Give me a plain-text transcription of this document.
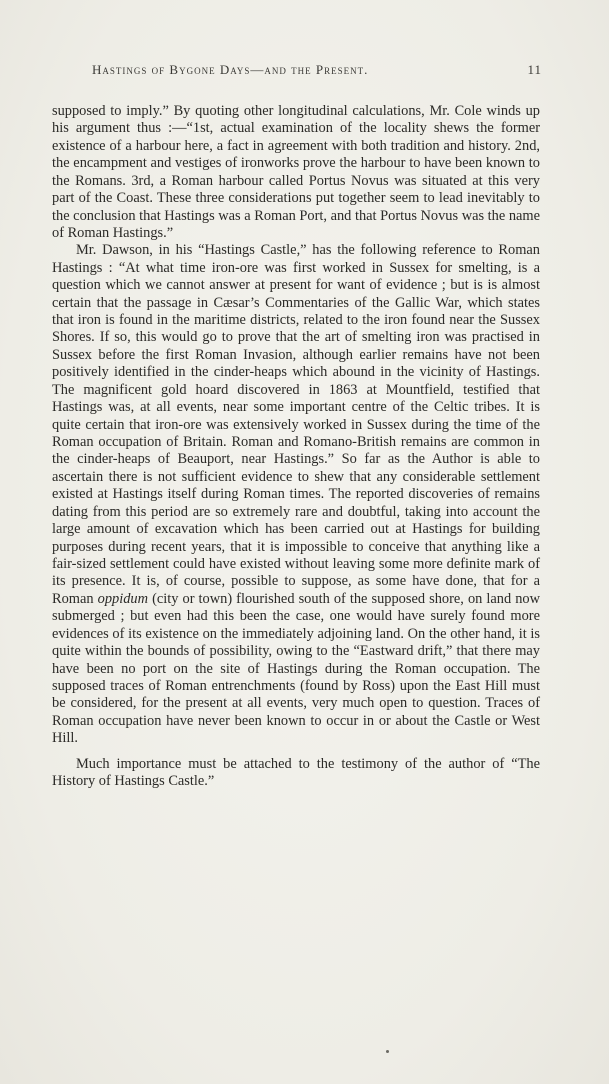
Hastings of Bygone Days—and the Present.	11

supposed to imply.” By quoting other longitudinal calculations, Mr. Cole winds up his argument thus :—“1st, actual examination of the locality shews the former existence of a harbour here, a fact in agreement with both tradition and history. 2nd, the encampment and vestiges of ironworks prove the harbour to have been known to the Romans. 3rd, a Roman harbour called Portus Novus was situated at this very part of the Coast. These three considerations put together seem to lead inevitably to the conclusion that Hastings was a Roman Port, and that Portus Novus was the name of Roman Hastings.”

Mr. Dawson, in his “Hastings Castle,” has the following reference to Roman Hastings : “At what time iron-ore was first worked in Sussex for smelting, is a question which we cannot answer at present for want of evidence ; but is is almost certain that the passage in Cæsar’s Commentaries of the Gallic War, which states that iron is found in the maritime districts, related to the iron found near the Sussex Shores. If so, this would go to prove that the art of smelting iron was practised in Sussex before the first Roman Invasion, although earlier remains have not been positively identified in the cinder-heaps which abound in the vicinity of Hastings. The magnificent gold hoard discovered in 1863 at Mountfield, testified that Hastings was, at all events, near some important centre of the Celtic tribes. It is quite certain that iron-ore was extensively worked in Sussex during the time of the Roman occupation of Britain. Roman and Romano-British remains are common in the cinder-heaps of Beauport, near Hastings.” So far as the Author is able to ascertain there is not sufficient evidence to shew that any considerable settlement existed at Hastings itself during Roman times. The reported discoveries of remains dating from this period are so extremely rare and doubtful, taking into account the large amount of excavation which has been carried out at Hastings for building purposes during recent years, that it is impossible to conceive that anything like a fair-sized settlement could have existed without leaving some more definite mark of its presence. It is, of course, possible to suppose, as some have done, that for a Roman oppidum (city or town) flourished south of the supposed shore, on land now submerged ; but even had this been the case, one would have surely found more evidences of its existence on the immediately adjoining land. On the other hand, it is quite within the bounds of possibility, owing to the “Eastward drift,” that there may have been no port on the site of Hastings during the Roman occupation. The supposed traces of Roman entrenchments (found by Ross) upon the East Hill must be considered, for the present at all events, very much open to question. Traces of Roman occupation have never been known to occur in or about the Castle or West Hill.

Much importance must be attached to the testimony of the author of “The History of Hastings Castle.”
